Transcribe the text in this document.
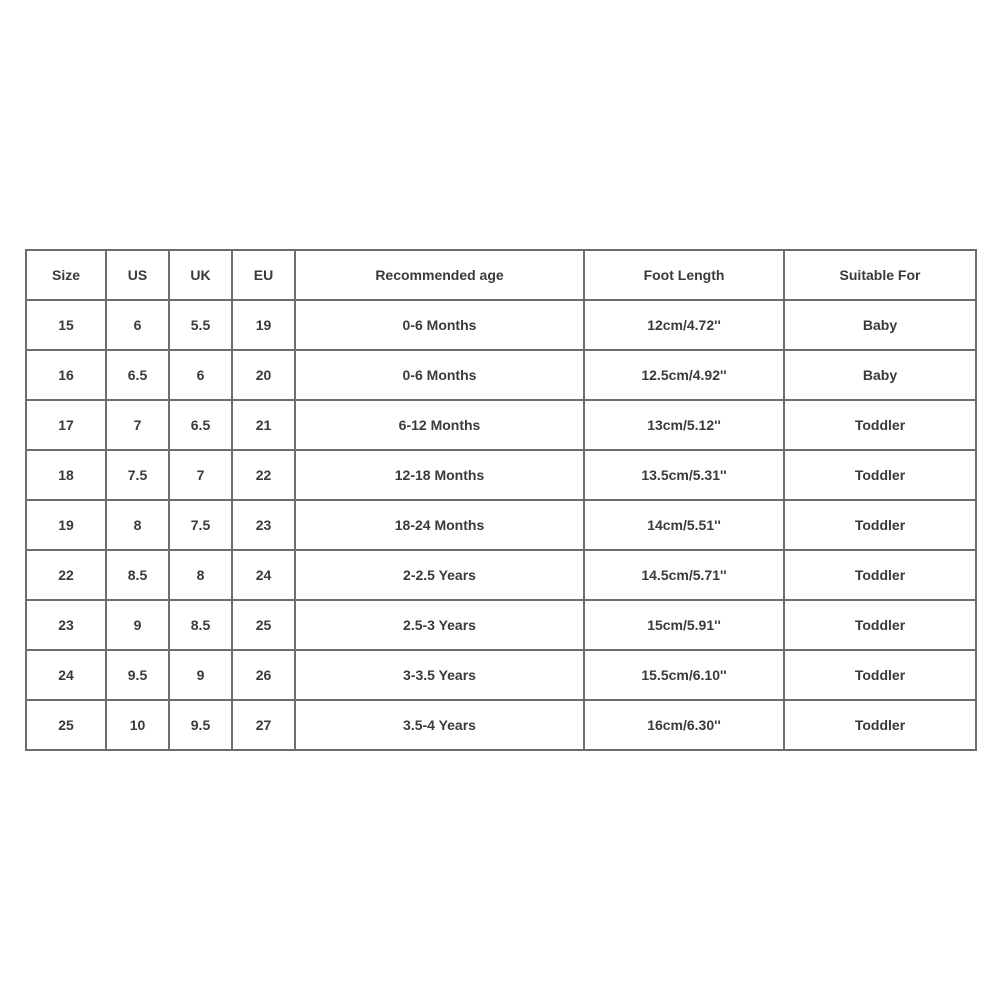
Size	US	UK	EU	Recommended age	Foot Length	Suitable For
15	6	5.5	19	0-6 Months	12cm/4.72''	Baby
16	6.5	6	20	0-6 Months	12.5cm/4.92''	Baby
17	7	6.5	21	6-12 Months	13cm/5.12''	Toddler
18	7.5	7	22	12-18 Months	13.5cm/5.31''	Toddler
19	8	7.5	23	18-24 Months	14cm/5.51''	Toddler
22	8.5	8	24	2-2.5 Years	14.5cm/5.71''	Toddler
23	9	8.5	25	2.5-3 Years	15cm/5.91''	Toddler
24	9.5	9	26	3-3.5 Years	15.5cm/6.10''	Toddler
25	10	9.5	27	3.5-4 Years	16cm/6.30''	Toddler
